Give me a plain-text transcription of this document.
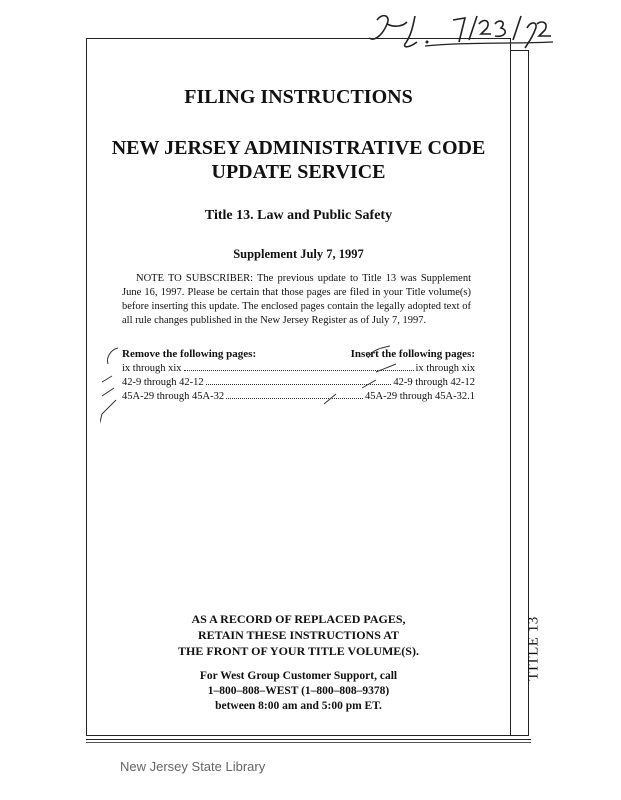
FILING INSTRUCTIONS
NEW JERSEY ADMINISTRATIVE CODE
UPDATE SERVICE
Title 13. Law and Public Safety
Supplement July 7, 1997
NOTE TO SUBSCRIBER: The previous update to Title 13 was Supplement June 16, 1997. Please be certain that those pages are filed in your Title volume(s) before inserting this update. The enclosed pages contain the legally adopted text of all rule changes published in the New Jersey Register as of July 7, 1997.
Remove the following pages:	Insert the following pages:
ix through xix	ix through xix
42-9 through 42-12	42-9 through 42-12
45A-29 through 45A-32	45A-29 through 45A-32.1
AS A RECORD OF REPLACED PAGES,
RETAIN THESE INSTRUCTIONS AT
THE FRONT OF YOUR TITLE VOLUME(S).
For West Group Customer Support, call
1–800–808–WEST (1–800–808–9378)
between 8:00 am and 5:00 pm ET.
TITLE 13
New Jersey State Library
